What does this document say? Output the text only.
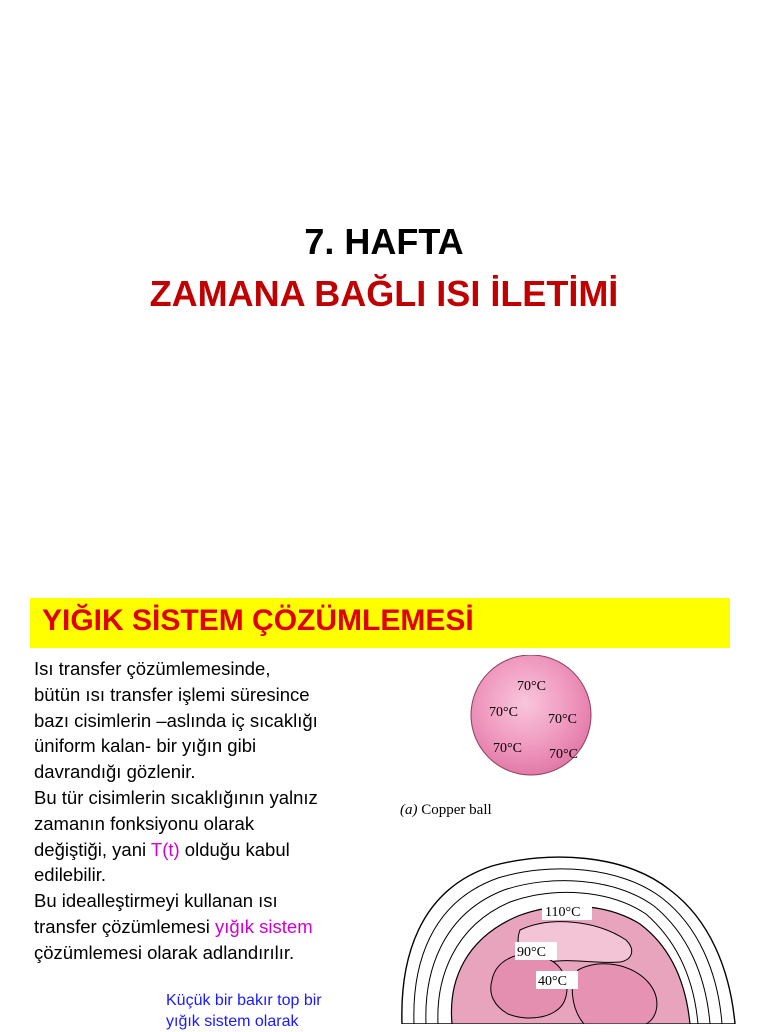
7. HAFTA
ZAMANA BAĞLI ISI İLETİMİ
YIĞIK SİSTEM ÇÖZÜMLEMESİ
Isı transfer çözümlemesinde,
bütün ısı transfer işlemi süresince
bazı cisimlerin –aslında iç sıcaklığı
üniform kalan- bir yığın gibi
davrandığı gözlenir.
Bu tür cisimlerin sıcaklığının yalnız
zamanın fonksiyonu olarak
değiştiği, yani T(t) olduğu kabul
edilebilir.
Bu idealleştirmeyi kullanan ısı
transfer çözümlemesi yığık sistem
çözümlemesi olarak adlandırılır.
Küçük bir bakır top bir
yığık sistem olarak
70°C
70°C 70°C
70°C 70°C
(a) Copper ball
110°C
90°C
40°C
